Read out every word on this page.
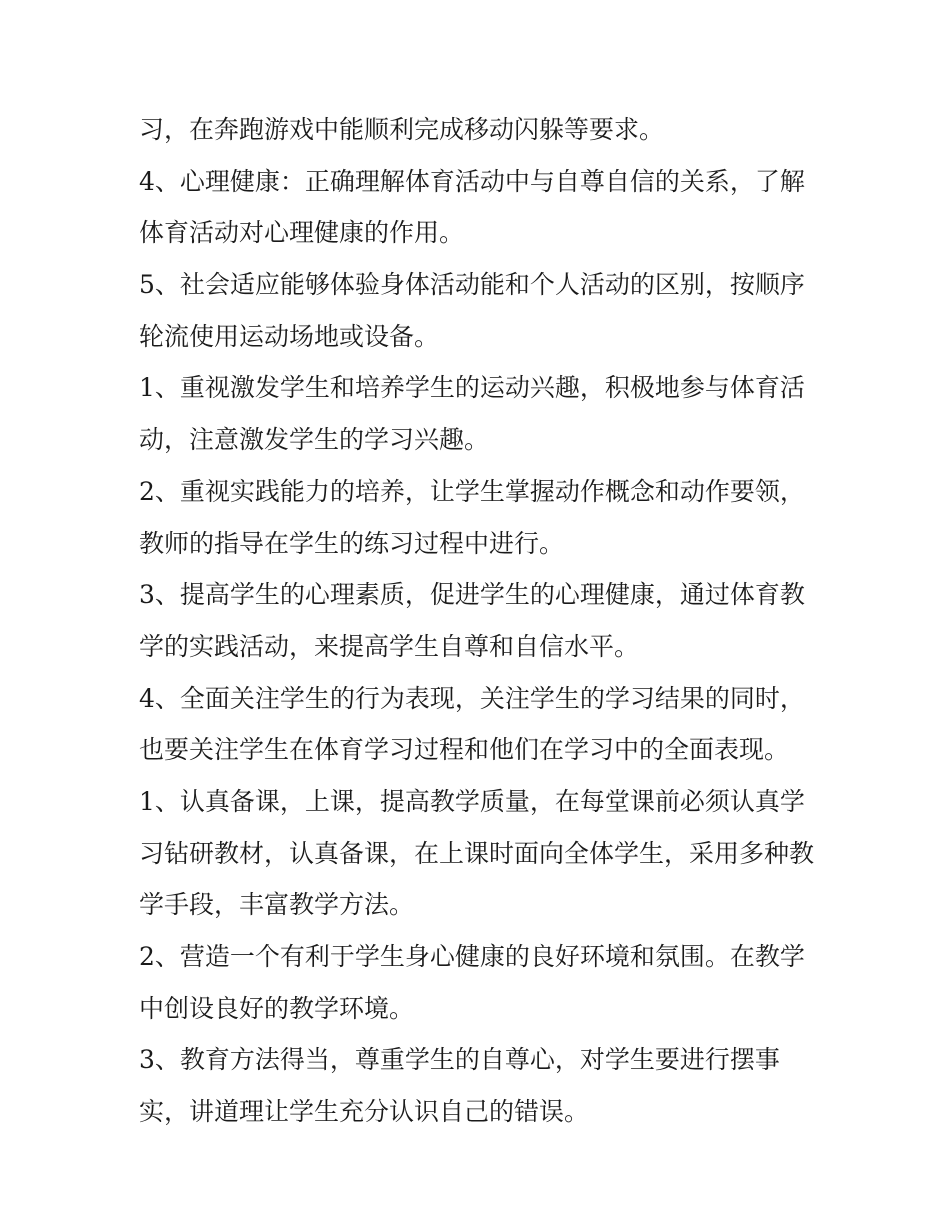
习，在奔跑游戏中能顺利完成移动闪躲等要求。
4、心理健康：正确理解体育活动中与自尊自信的关系，了解
体育活动对心理健康的作用。
5、社会适应能够体验身体活动能和个人活动的区别，按顺序
轮流使用运动场地或设备。
1、重视激发学生和培养学生的运动兴趣，积极地参与体育活
动，注意激发学生的学习兴趣。
2、重视实践能力的培养，让学生掌握动作概念和动作要领，
教师的指导在学生的练习过程中进行。
3、提高学生的心理素质，促进学生的心理健康，通过体育教
学的实践活动，来提高学生自尊和自信水平。
4、全面关注学生的行为表现，关注学生的学习结果的同时，
也要关注学生在体育学习过程和他们在学习中的全面表现。
1、认真备课，上课，提高教学质量，在每堂课前必须认真学
习钻研教材，认真备课，在上课时面向全体学生，采用多种教
学手段，丰富教学方法。
2、营造一个有利于学生身心健康的良好环境和氛围。在教学
中创设良好的教学环境。
3、教育方法得当，尊重学生的自尊心，对学生要进行摆事
实，讲道理让学生充分认识自己的错误。
